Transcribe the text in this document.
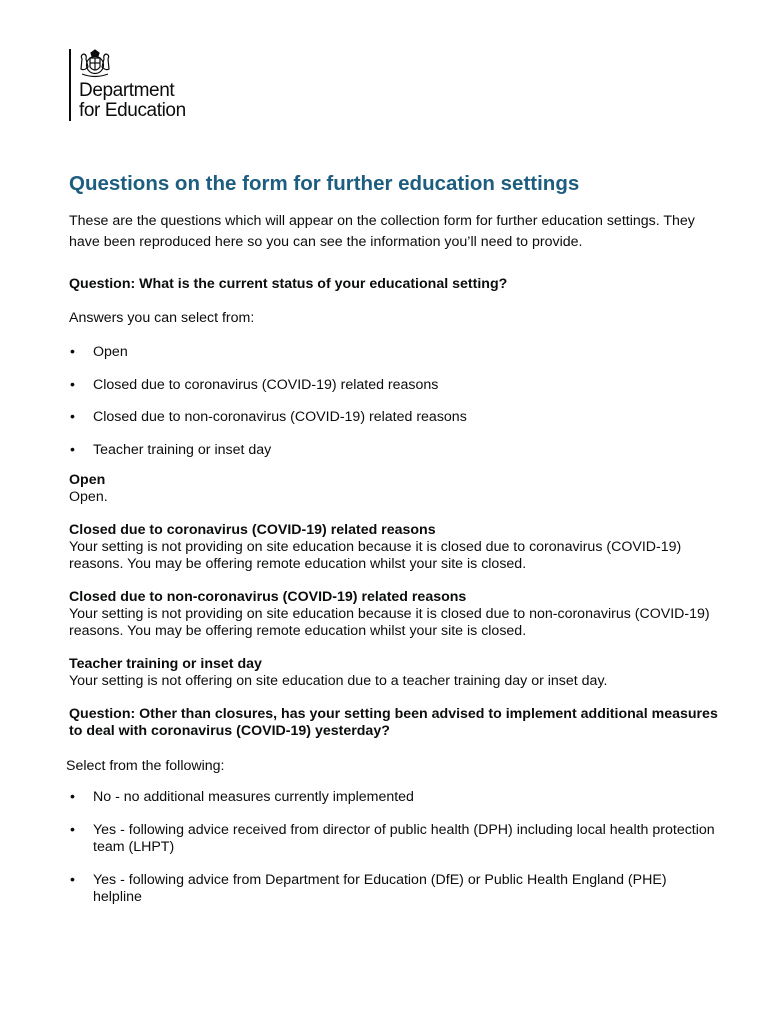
Department
for Education
Questions on the form for further education settings

These are the questions which will appear on the collection form for further education settings. They have been reproduced here so you can see the information you’ll need to provide.

Question: What is the current status of your educational setting?

Answers you can select from:

• Open
• Closed due to coronavirus (COVID-19) related reasons
• Closed due to non-coronavirus (COVID-19) related reasons
• Teacher training or inset day

Open

Open.

Closed due to coronavirus (COVID-19) related reasons

Your setting is not providing on site education because it is closed due to coronavirus (COVID-19) reasons. You may be offering remote education whilst your site is closed.

Closed due to non-coronavirus (COVID-19) related reasons

Your setting is not providing on site education because it is closed due to non-coronavirus (COVID-19) reasons. You may be offering remote education whilst your site is closed.

Teacher training or inset day

Your setting is not offering on site education due to a teacher training day or inset day.

Question: Other than closures, has your setting been advised to implement additional measures to deal with coronavirus (COVID-19) yesterday?

Select from the following:

• No - no additional measures currently implemented
• Yes - following advice received from director of public health (DPH) including local health protection team (LHPT)
• Yes - following advice from Department for Education (DfE) or Public Health England (PHE) helpline
